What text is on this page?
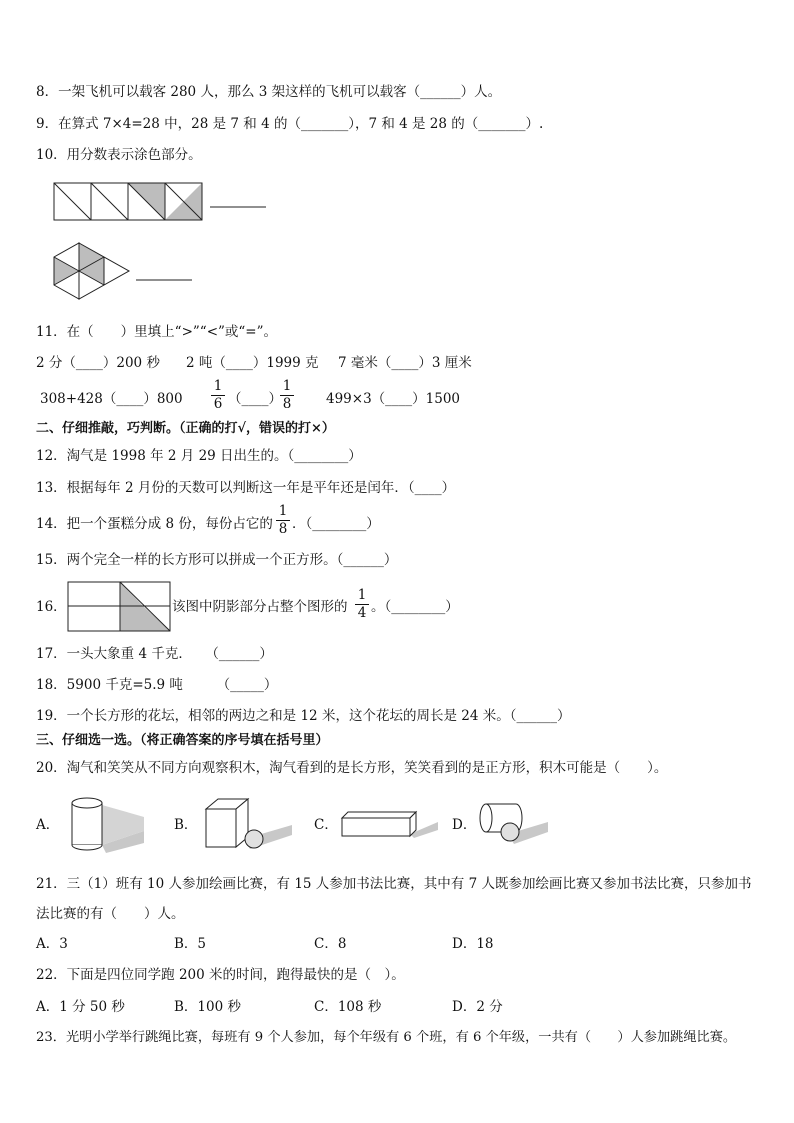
8．一架飞机可以载客 280 人，那么 3 架这样的飞机可以载客（______）人。
9．在算式 7×4=28 中，28 是 7 和 4 的（_______），7 和 4 是 28 的（_______）.
10．用分数表示涂色部分。
11．在（　　）里填上“>”“<”或“=”。
2 分（____）200 秒 2 吨（____）1999 克 7 毫米（____）3 厘米
308+428（____）800 $\frac{1}{6}$ （____）
$\frac{1}{8}$ 499×3（____）1500
二、仔细推敲，巧判断。（正确的打√，错误的打×）
12．淘气是 1998 年 2 月 29 日出生的。（________）
13．根据每年 2 月份的天数可以判断这一年是平年还是闰年．（____）
14．把一个蛋糕分成 8 份，每份占它的 $\frac{1}{8}$ ．（________）
15．两个完全一样的长方形可以拼成一个正方形。（______）
16．	该图中阴影部分占整个图形的 $\frac{1}{4}$ 。（________）
17．一头大象重 4 千克．　　（______）
18．5900 千克=5.9 吨　　　（_____）
19．一个长方形的花坛，相邻的两边之和是 12 米，这个花坛的周长是 24 米。（______）
三、仔细选一选。（将正确答案的序号填在括号里）
20．淘气和笑笑从不同方向观察积木，淘气看到的是长方形，笑笑看到的是正方形，积木可能是（　　）。
A．	B．	C．	D．
21．三（1）班有 10 人参加绘画比赛，有 15 人参加书法比赛，其中有 7 人既参加绘画比赛又参加书法比赛，只参加书
法比赛的有（　　）人。
A．3	B．5	C．8	D．18
22．下面是四位同学跑 200 米的时间，跑得最快的是（　）。
A．1 分 50 秒	B．100 秒	C．108 秒	D．2 分
23．光明小学举行跳绳比赛，每班有 9 个人参加，每个年级有 6 个班，有 6 个年级，一共有（　　）人参加跳绳比赛。
